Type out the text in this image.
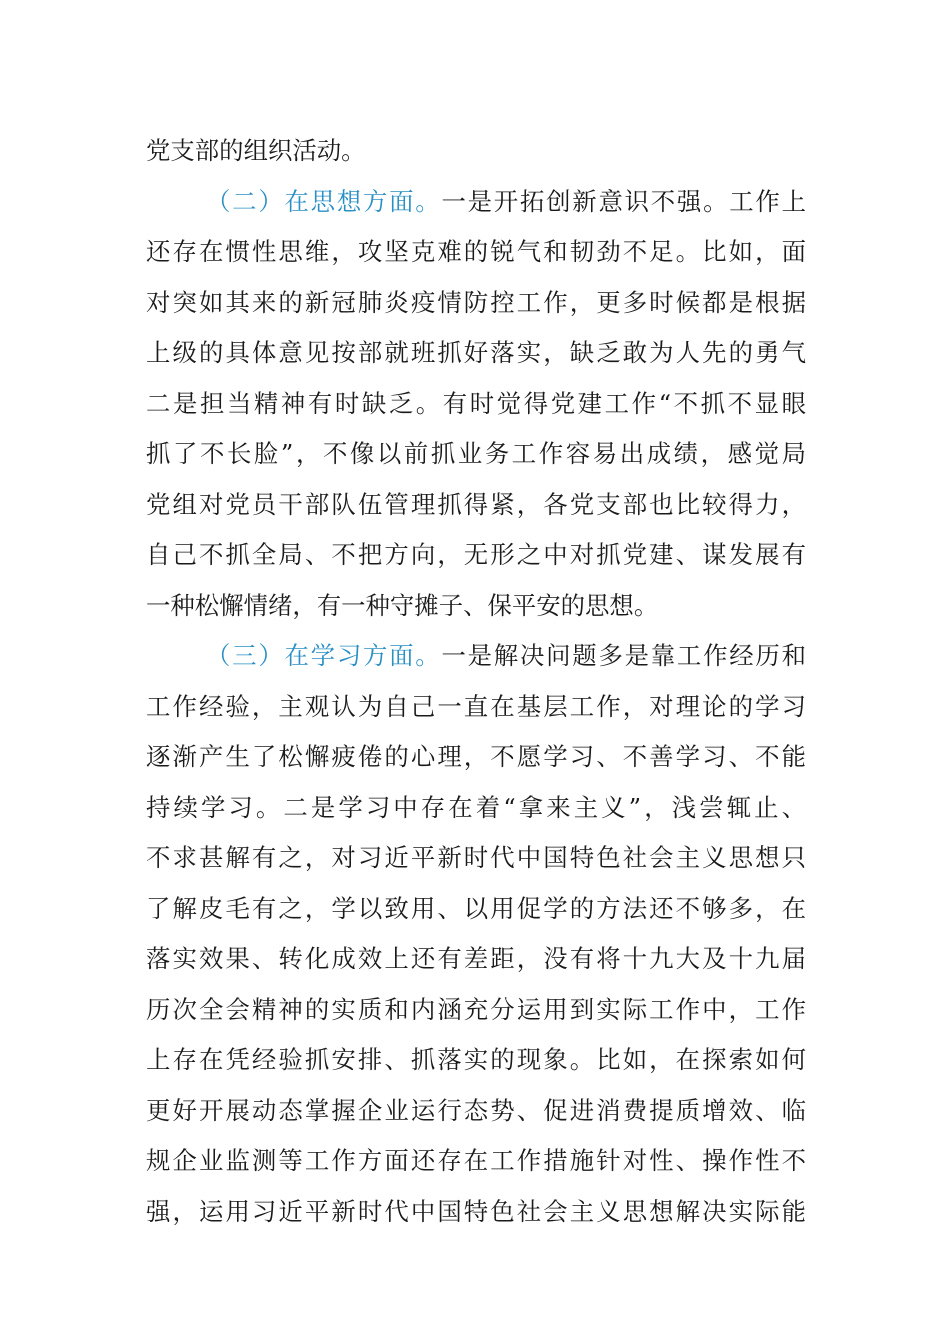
党支部的组织活动。
（二）在思想方面。一是开拓创新意识不强。工作上
还存在惯性思维，攻坚克难的锐气和韧劲不足。比如，面
对突如其来的新冠肺炎疫情防控工作，更多时候都是根据
上级的具体意见按部就班抓好落实，缺乏敢为人先的勇气
二是担当精神有时缺乏。有时觉得党建工作“不抓不显眼
抓了不长脸”，不像以前抓业务工作容易出成绩，感觉局
党组对党员干部队伍管理抓得紧，各党支部也比较得力，
自己不抓全局、不把方向，无形之中对抓党建、谋发展有
一种松懈情绪，有一种守摊子、保平安的思想。
（三）在学习方面。一是解决问题多是靠工作经历和
工作经验，主观认为自己一直在基层工作，对理论的学习
逐渐产生了松懈疲倦的心理，不愿学习、不善学习、不能
持续学习。二是学习中存在着“拿来主义”，浅尝辄止、
不求甚解有之，对习近平新时代中国特色社会主义思想只
了解皮毛有之，学以致用、以用促学的方法还不够多，在
落实效果、转化成效上还有差距，没有将十九大及十九届
历次全会精神的实质和内涵充分运用到实际工作中，工作
上存在凭经验抓安排、抓落实的现象。比如，在探索如何
更好开展动态掌握企业运行态势、促进消费提质增效、临
规企业监测等工作方面还存在工作措施针对性、操作性不
强，运用习近平新时代中国特色社会主义思想解决实际能
